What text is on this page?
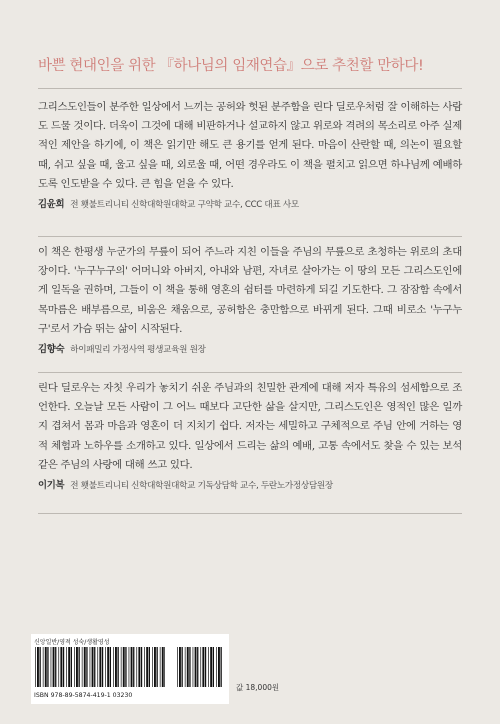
바쁜 현대인을 위한 『하나님의 임재연습』으로 추천할 만하다!

그리스도인들이 분주한 일상에서 느끼는 공허와 헛된 분주함을 린다 딜로우처럼 잘 이해하는 사람도 드물 것이다. 더욱이 그것에 대해 비판하거나 설교하지 않고 위로와 격려의 목소리로 아주 실제적인 제안을 하기에, 이 책은 읽기만 해도 큰 용기를 얻게 된다. 마음이 산란할 때, 의논이 필요할 때, 쉬고 싶을 때, 울고 싶을 때, 외로울 때, 어떤 경우라도 이 책을 펼치고 읽으면 하나님께 예배하도록 인도받을 수 있다. 큰 힘을 얻을 수 있다.

김윤희 전 횃불트리니티 신학대학원대학교 구약학 교수, CCC 대표 사모

이 책은 한평생 누군가의 무릎이 되어 주느라 지친 이들을 주님의 무릎으로 초청하는 위로의 초대장이다. '누구누구의' 어머니와 아버지, 아내와 남편, 자녀로 살아가는 이 땅의 모든 그리스도인에게 일독을 권하며, 그들이 이 책을 통해 영혼의 쉼터를 마련하게 되길 기도한다. 그 잠잠함 속에서 목마름은 배부름으로, 비움은 채움으로, 공허함은 충만함으로 바뀌게 된다. 그때 비로소 '누구누구'로서 가슴 뛰는 삶이 시작된다.

김향숙 하이패밀리 가정사역 평생교육원 원장

린다 딜로우는 자칫 우리가 놓치기 쉬운 주님과의 친밀한 관계에 대해 저자 특유의 섬세함으로 조언한다. 오늘날 모든 사람이 그 어느 때보다 고단한 삶을 살지만, 그리스도인은 영적인 많은 일까지 겹쳐서 몸과 마음과 영혼이 더 지치기 쉽다. 저자는 세밀하고 구체적으로 주님 안에 거하는 영적 체험과 노하우를 소개하고 있다. 일상에서 드리는 삶의 예배, 고통 속에서도 찾을 수 있는 보석 같은 주님의 사랑에 대해 쓰고 있다.

이기복 전 횃불트리니티 신학대학원대학교 기독상담학 교수, 두란노가정상담원장
신앙일반/영적 성숙/생활영성
ISBN 978-89-5874-419-1 03230
값 18,000원
